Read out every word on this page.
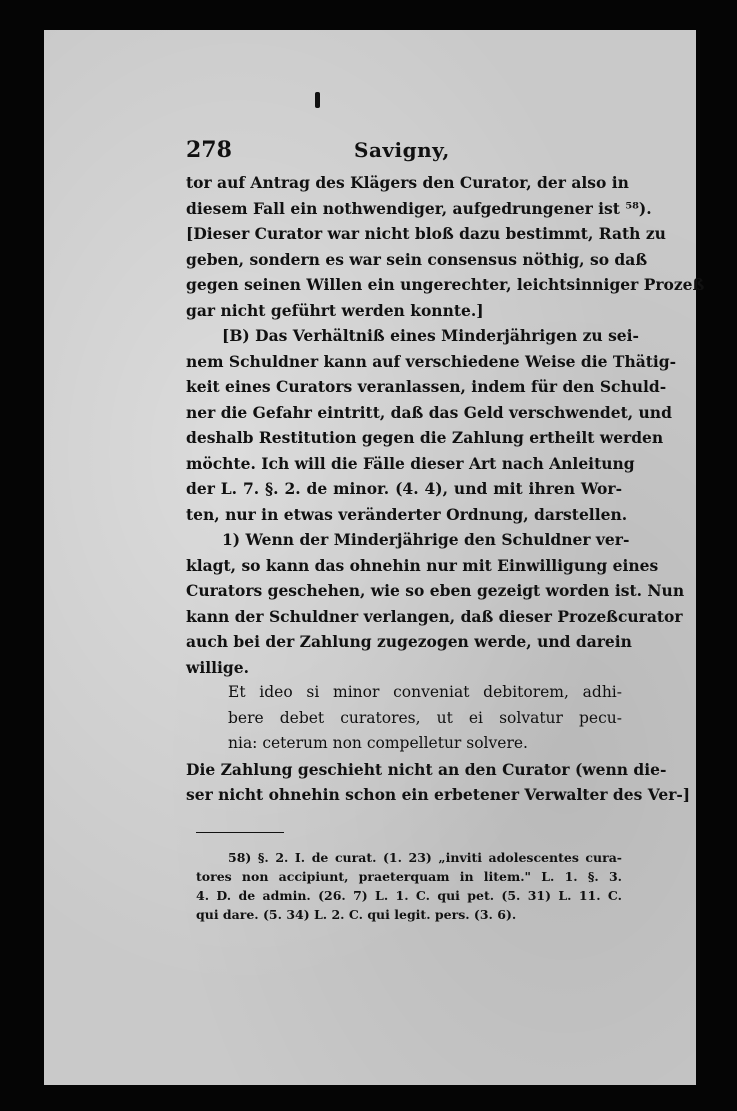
278	Savigny,
tor auf Antrag des Klägers den Curator, der also in
diesem Fall ein nothwendiger, aufgedrungener ist ⁵⁸).
[Dieser Curator war nicht bloß dazu bestimmt, Rath zu
geben, sondern es war sein consensus nöthig, so daß
gegen seinen Willen ein ungerechter, leichtsinniger Prozeß
gar nicht geführt werden konnte.]
[B) Das Verhältniß eines Minderjährigen zu sei-
nem Schuldner kann auf verschiedene Weise die Thätig-
keit eines Curators veranlassen, indem für den Schuld-
ner die Gefahr eintritt, daß das Geld verschwendet, und
deshalb Restitution gegen die Zahlung ertheilt werden
möchte. Ich will die Fälle dieser Art nach Anleitung
der L. 7. §. 2. de minor. (4. 4), und mit ihren Wor-
ten, nur in etwas veränderter Ordnung, darstellen.
1) Wenn der Minderjährige den Schuldner ver-
klagt, so kann das ohnehin nur mit Einwilligung eines
Curators geschehen, wie so eben gezeigt worden ist. Nun
kann der Schuldner verlangen, daß dieser Prozeßcurator
auch bei der Zahlung zugezogen werde, und darein
willige.
Et ideo si minor conveniat debitorem, adhi-
bere debet curatores, ut ei solvatur pecu-
nia: ceterum non compelletur solvere.
Die Zahlung geschieht nicht an den Curator (wenn die-
ser nicht ohnehin schon ein erbetener Verwalter des Ver-]
58) §. 2. I. de curat. (1. 23) „inviti adolescentes cura-
tores non accipiunt, praeterquam in litem." L. 1. §. 3.
4. D. de admin. (26. 7) L. 1. C. qui pet. (5. 31) L. 11. C.
qui dare. (5. 34) L. 2. C. qui legit. pers. (3. 6).
